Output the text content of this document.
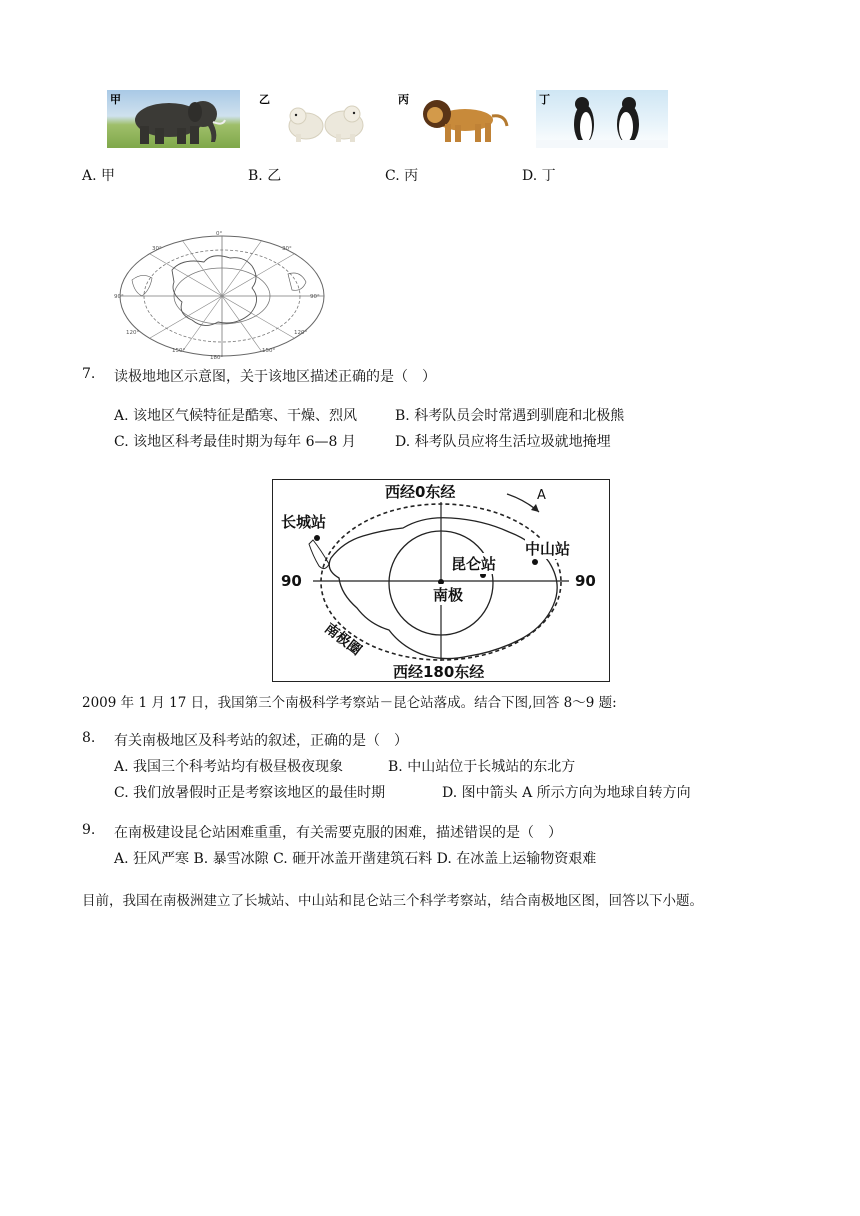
甲	乙	丙	丁
A. 甲	B. 乙	C. 丙	D. 丁
0°
90°	90°
180°
30°	30°
120°	120°
150°	150°
7. 读极地地区示意图，关于该地区描述正确的是（　）
A. 该地区气候特征是酷寒、干燥、烈风	B. 科考队员会时常遇到驯鹿和北极熊
C. 该地区科考最佳时期为每年 6—8 月	D. 科考队员应将生活垃圾就地掩埋
西经0东经	A
长城站
昆仑站
中山站
90	90
南极
南极圈
西经180东经
2009 年 1 月 17 日，我国第三个南极科学考察站－昆仑站落成。结合下图,回答 8～9 题:
8. 有关南极地区及科考站的叙述，正确的是（　）
A. 我国三个科考站均有极昼极夜现象	B. 中山站位于长城站的东北方
C. 我们放暑假时正是考察该地区的最佳时期	D. 图中箭头 A 所示方向为地球自转方向
9. 在南极建设昆仑站困难重重，有关需要克服的困难，描述错误的是（　）
A. 狂风严寒 B. 暴雪冰隙 C. 砸开冰盖开凿建筑石料 D. 在冰盖上运输物资艰难
目前，我国在南极洲建立了长城站、中山站和昆仑站三个科学考察站，结合南极地区图，回答以下小题。
